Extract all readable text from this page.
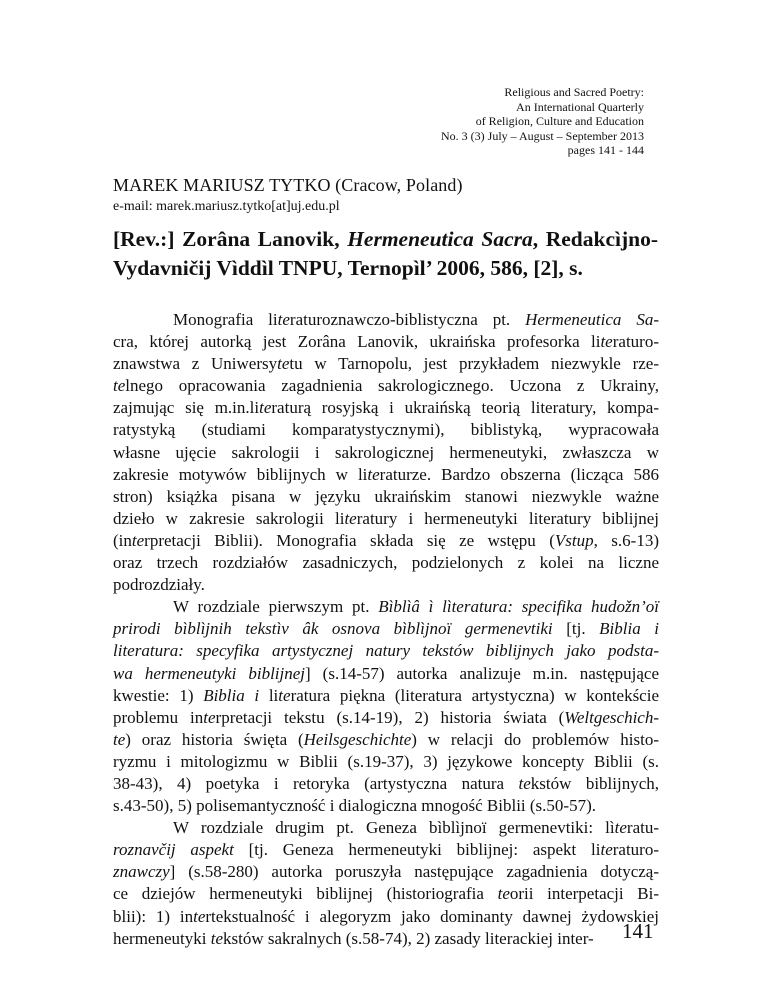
Religious and Sacred Poetry:
An International Quarterly
of Religion, Culture and Education
No. 3 (3) July – August – September 2013
pages 141 - 144
MAREK MARIUSZ TYTKO (Cracow, Poland)
e-mail: marek.mariusz.tytko[at]uj.edu.pl
[Rev.:] Zorâna Lanovik, Hermeneutica Sacra, Redakcìjno-
Vydavničij Vìddìl TNPU, Ternopìl’ 2006, 586, [2], s.
Monografia literaturoznawczo-biblistyczna pt. Hermeneutica Sa-
cra, której autorką jest Zorâna Lanovik, ukraińska profesorka literaturo-
znawstwa z Uniwersytetu w Tarnopolu, jest przykładem niezwykle rze-
telnego opracowania zagadnienia sakrologicznego. Uczona z Ukrainy,
zajmując się m.in.literaturą rosyjską i ukraińską teorią literatury, kompa-
ratystyką (studiami komparatystycznymi), biblistyką, wypracowała
własne ujęcie sakrologii i sakrologicznej hermeneutyki, zwłaszcza w
zakresie motywów biblijnych w literaturze. Bardzo obszerna (licząca 586
stron) książka pisana w języku ukraińskim stanowi niezwykle ważne
dzieło w zakresie sakrologii literatury i hermeneutyki literatury biblijnej
(interpretacji Biblii). Monografia składa się ze wstępu (Vstup, s.6-13)
oraz trzech rozdziałów zasadniczych, podzielonych z kolei na liczne
podrozdziały.
W rozdziale pierwszym pt. Bìblìâ ì lìteratura: specifika hudožn’oï
prirodi bìblìjnih tekstìv âk osnova bìblìjnoï germenevtiki [tj. Biblia i
literatura: specyfika artystycznej natury tekstów biblijnych jako podsta-
wa hermeneutyki biblijnej] (s.14-57) autorka analizuje m.in. następujące
kwestie: 1) Biblia i literatura piękna (literatura artystyczna) w kontekście
problemu interpretacji tekstu (s.14-19), 2) historia świata (Weltgeschich-
te) oraz historia święta (Heilsgeschichte) w relacji do problemów histo-
ryzmu i mitologizmu w Biblii (s.19-37), 3) językowe koncepty Biblii (s.
38-43), 4) poetyka i retoryka (artystyczna natura tekstów biblijnych,
s.43-50), 5) polisemantyczność i dialogiczna mnogość Biblii (s.50-57).
W rozdziale drugim pt. Geneza bìblìjnoï germenevtiki: lìteratu-
roznavčij aspekt [tj. Geneza hermeneutyki biblijnej: aspekt literaturo-
znawczy] (s.58-280) autorka poruszyła następujące zagadnienia dotyczą-
ce dziejów hermeneutyki biblijnej (historiografia teorii interpetacji Bi-
blii): 1) intertekstualność i alegoryzm jako dominanty dawnej żydowskiej
hermeneutyki tekstów sakralnych (s.58-74), 2) zasady literackiej inter-	141
